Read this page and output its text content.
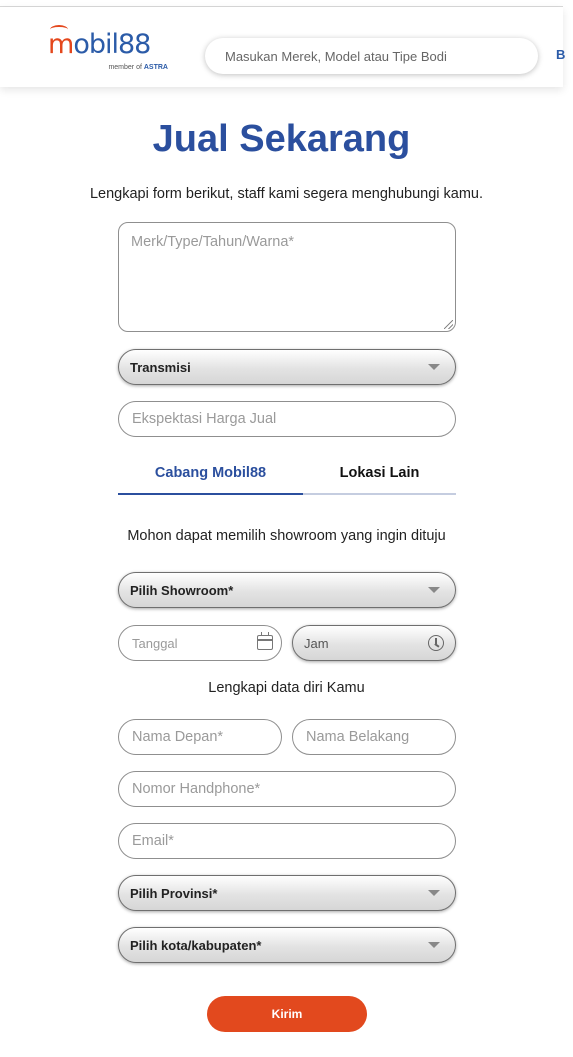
mobil88
member of ASTRA
Masukan Merek, Model atau Tipe Bodi	B
Jual Sekarang

Lengkapi form berikut, staff kami segera menghubungi kamu.

Merk/Type/Tahun/Warna*
Transmisi
Ekspektasi Harga Jual
Cabang Mobil88	Lokasi Lain

Mohon dapat memilih showroom yang ingin dituju

Pilih Showroom*
Tanggal	Jam

Lengkapi data diri Kamu

Nama Depan*	Nama Belakang
Nomor Handphone*
Email*
Pilih Provinsi*
Pilih kota/kabupaten*
Kirim
